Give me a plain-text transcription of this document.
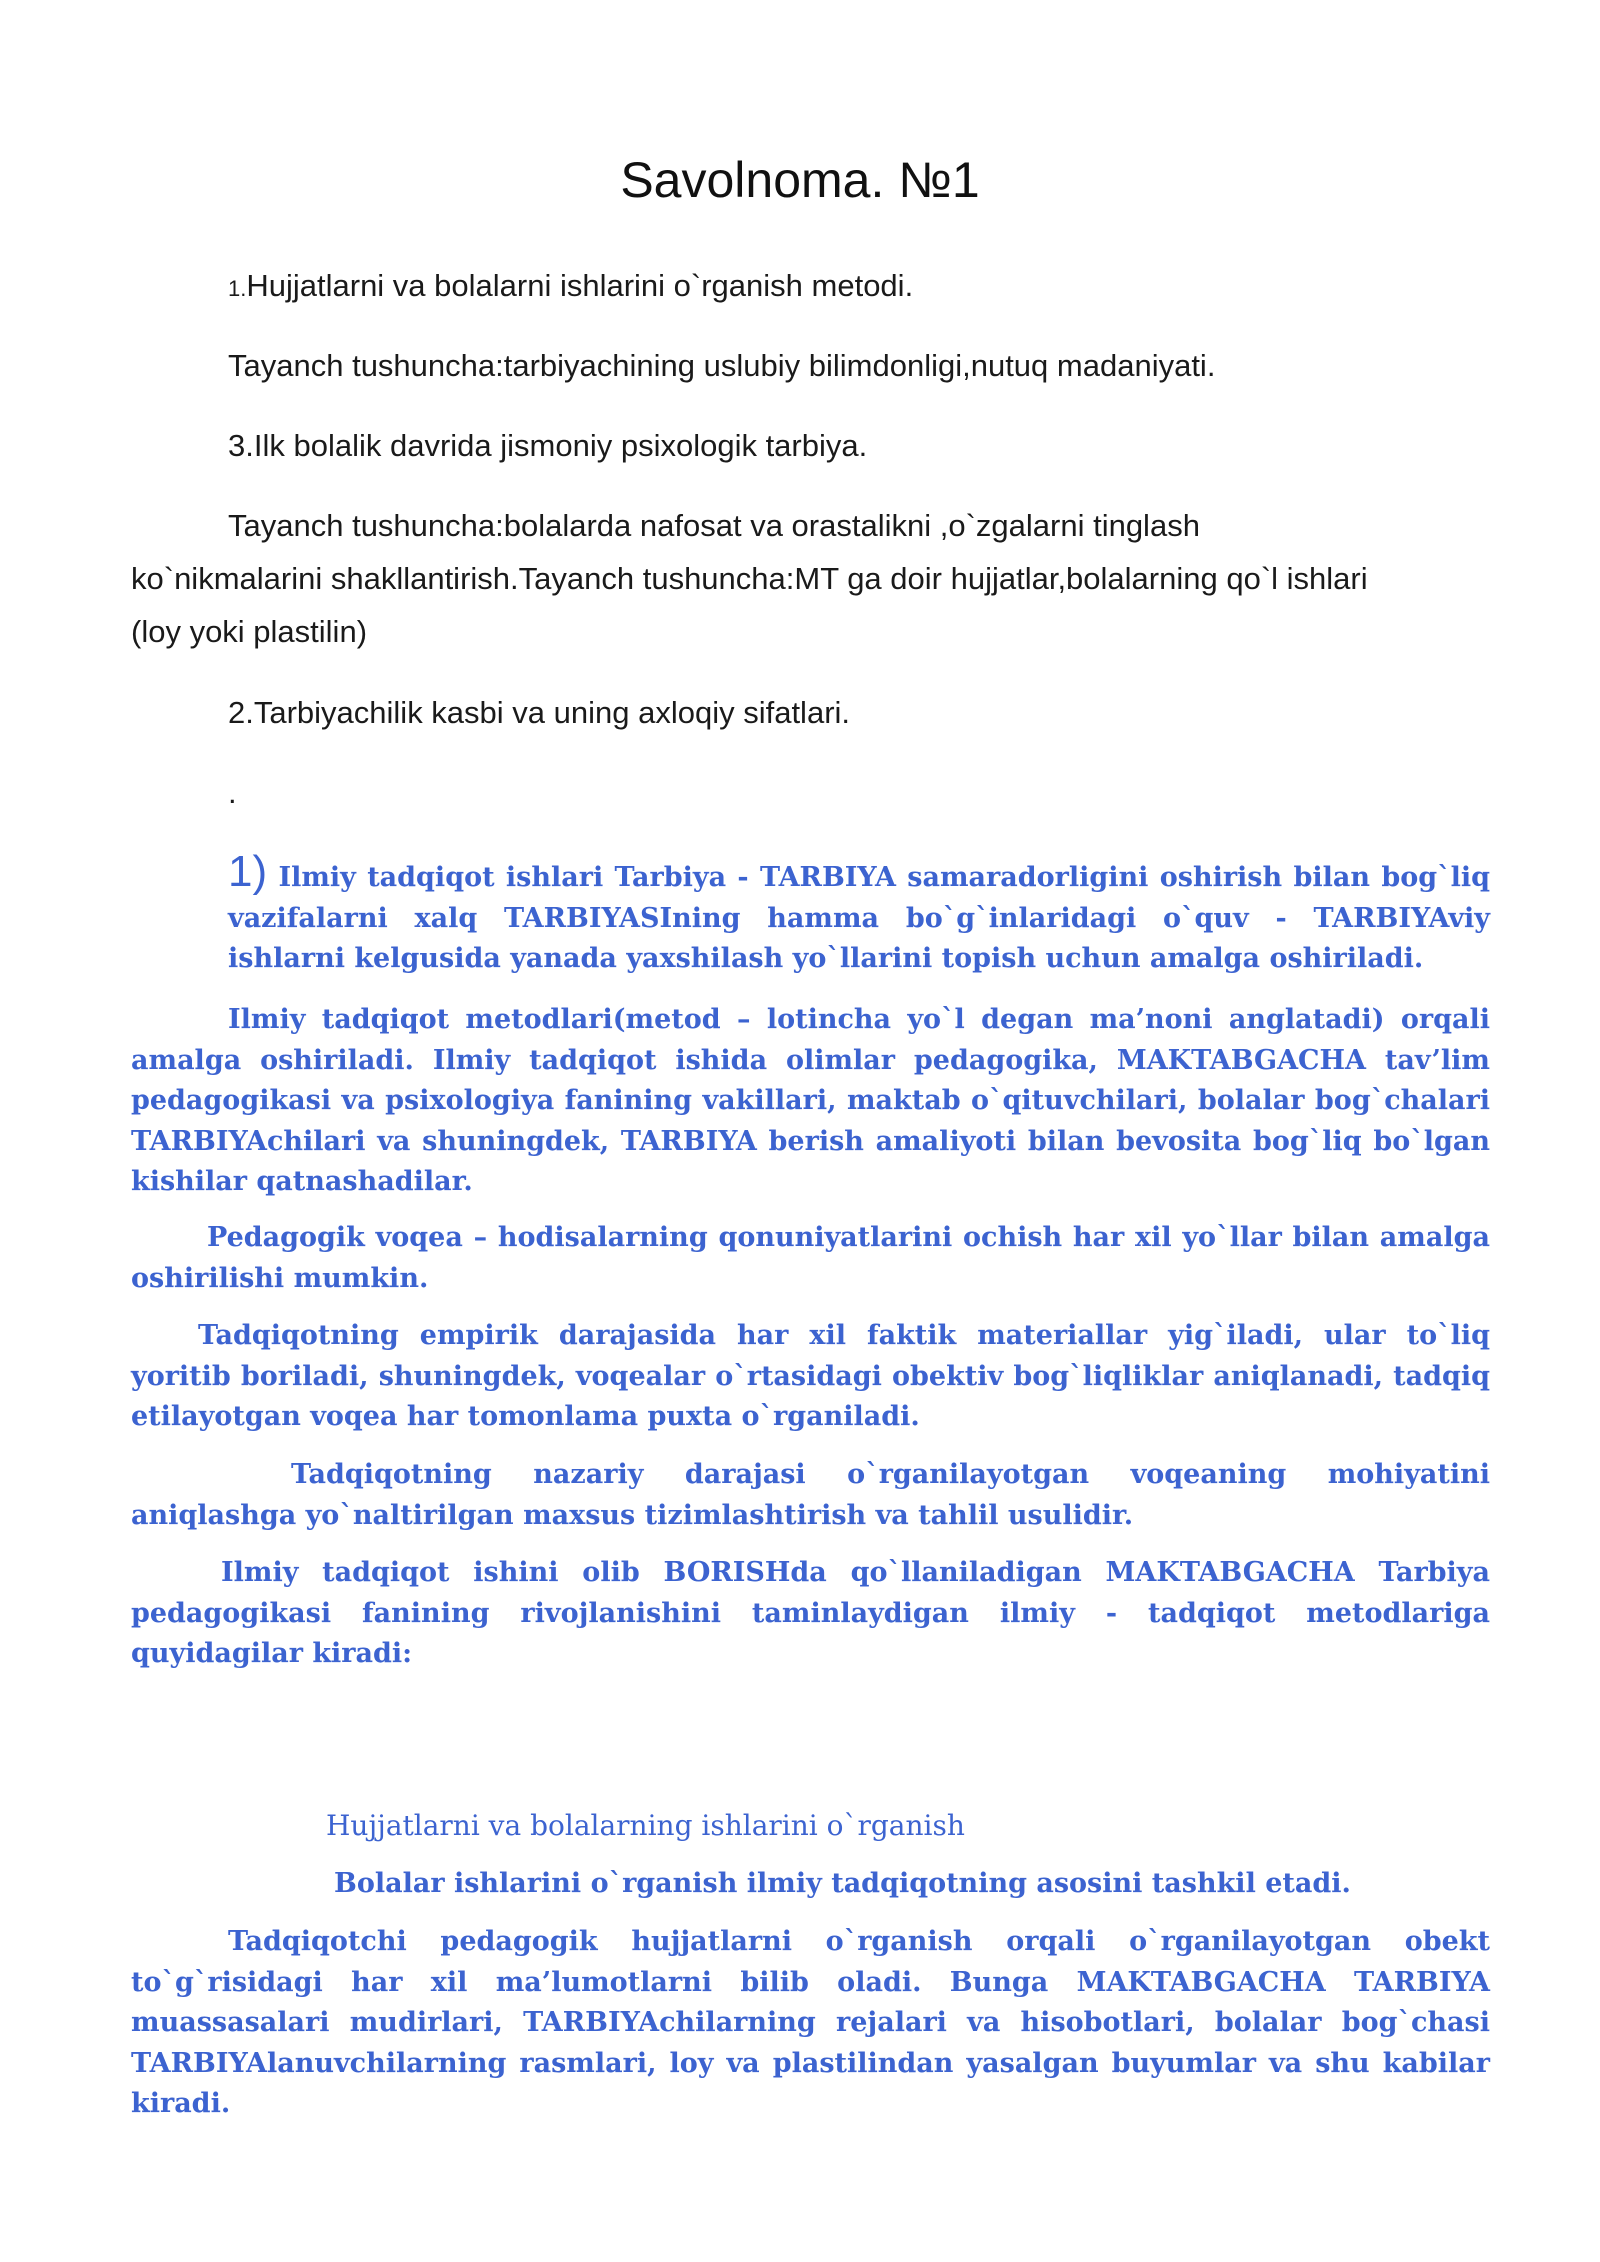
Savolnoma. №1
1.Hujjatlarni va bolalarni ishlarini o`rganish metodi.
Tayanch tushuncha:tarbiyachining uslubiy bilimdonligi,nutuq madaniyati.
3.Ilk bolalik davrida jismoniy psixologik tarbiya.
Tayanch tushuncha:bolalarda nafosat va orastalikni ,o`zgalarni tinglash ko`nikmalarini shakllantirish.Tayanch tushuncha:MT ga doir hujjatlar,bolalarning qo`l ishlari (loy yoki plastilin)
2.Tarbiyachilik kasbi va uning axloqiy sifatlari.
.
1) Ilmiy tadqiqot ishlari Tarbiya - TARBIYA samaradorligini oshirish bilan bog`liq vazifalarni xalq TARBIYASIning hamma bo`g`inlaridagi o`quv - TARBIYAviy ishlarni kelgusida yanada yaxshilash yo`llarini topish uchun amalga oshiriladi.
Ilmiy tadqiqot metodlari(metod – lotincha yo`l degan ma’noni anglatadi) orqali amalga oshiriladi. Ilmiy tadqiqot ishida olimlar pedagogika, MAKTABGACHA tav’lim pedagogikasi va psixologiya fanining vakillari, maktab o`qituvchilari, bolalar bog`chalari TARBIYAchilari va shuningdek, TARBIYA berish amaliyoti bilan bevosita bog`liq bo`lgan kishilar qatnashadilar.
Pedagogik voqea – hodisalarning qonuniyatlarini ochish har xil yo`llar bilan amalga oshirilishi mumkin.
Tadqiqotning empirik darajasida har xil faktik materiallar yig`iladi, ular to`liq yoritib boriladi, shuningdek, voqealar o`rtasidagi obektiv bog`liqliklar aniqlanadi, tadqiq etilayotgan voqea har tomonlama puxta o`rganiladi.
Tadqiqotning nazariy darajasi o`rganilayotgan voqeaning mohiyatini aniqlashga yo`naltirilgan maxsus tizimlashtirish va tahlil usulidir.
Ilmiy tadqiqot ishini olib BORISHda qo`llaniladigan MAKTABGACHA Tarbiya pedagogikasi fanining rivojlanishini taminlaydigan ilmiy - tadqiqot metodlariga quyidagilar kiradi:
Hujjatlarni va bolalarning ishlarini o`rganish
Bolalar ishlarini o`rganish ilmiy tadqiqotning asosini tashkil etadi.
Tadqiqotchi pedagogik hujjatlarni o`rganish orqali o`rganilayotgan obekt to`g`risidagi har xil ma’lumotlarni bilib oladi. Bunga MAKTABGACHA TARBIYA muassasalari mudirlari, TARBIYAchilarning rejalari va hisobotlari, bolalar bog`chasi TARBIYAlanuvchilarning rasmlari, loy va plastilindan yasalgan buyumlar va shu kabilar kiradi.
